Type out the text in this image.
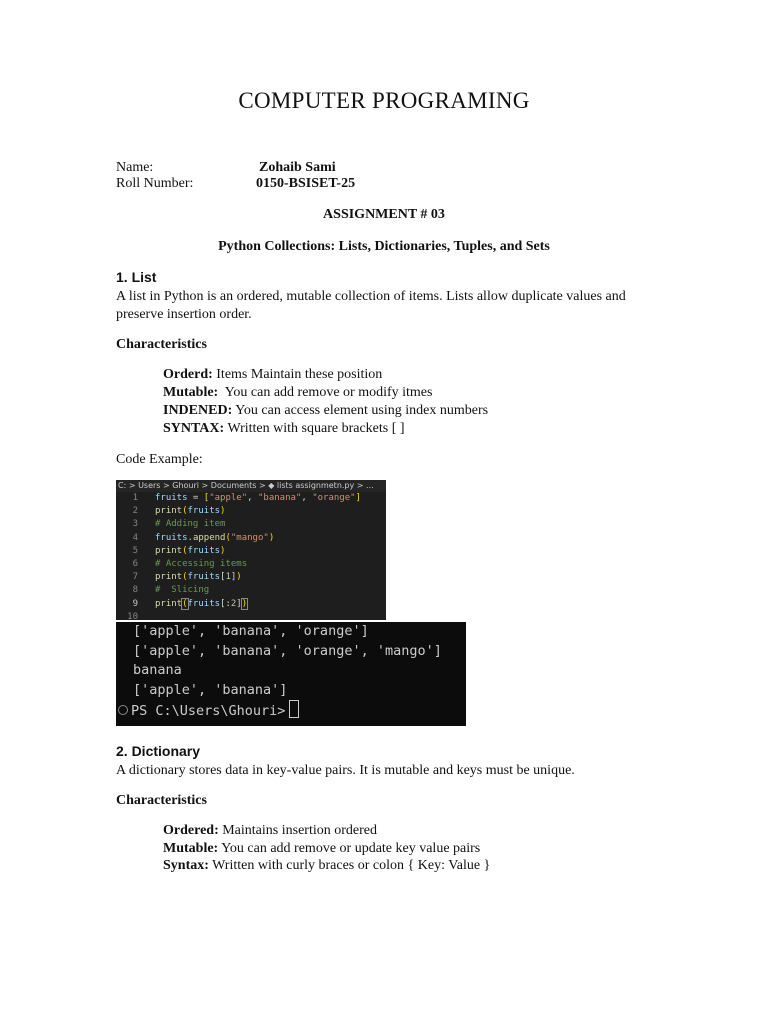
COMPUTER PROGRAMING
Name:	Zohaib Sami
Roll Number:	0150-BSISET-25
ASSIGNMENT # 03
Python Collections: Lists, Dictionaries, Tuples, and Sets
1. List
A list in Python is an ordered, mutable collection of items. Lists allow duplicate values and preserve insertion order.
Characteristics
Orderd: Items Maintain these position
Mutable:  You can add remove or modify itmes
INDENED: You can access element using index numbers
SYNTAX: Written with square brackets [ ]
Code Example:
C: > Users > Ghouri > Documents > ◆ lists assignmetn.py > ...
1 fruits = ["apple", "banana", "orange"]
2 print(fruits)
3 # Adding item
4 fruits.append("mango")
5 print(fruits)
6 # Accessing items
7 print(fruits[1])
8 #  Slicing
9 print(fruits[:2])
10
['apple', 'banana', 'orange']
['apple', 'banana', 'orange', 'mango']
banana
['apple', 'banana']
PS C:\Users\Ghouri>
2. Dictionary
A dictionary stores data in key-value pairs. It is mutable and keys must be unique.
Characteristics
Ordered: Maintains insertion ordered
Mutable: You can add remove or update key value pairs
Syntax: Written with curly braces or colon { Key: Value }
